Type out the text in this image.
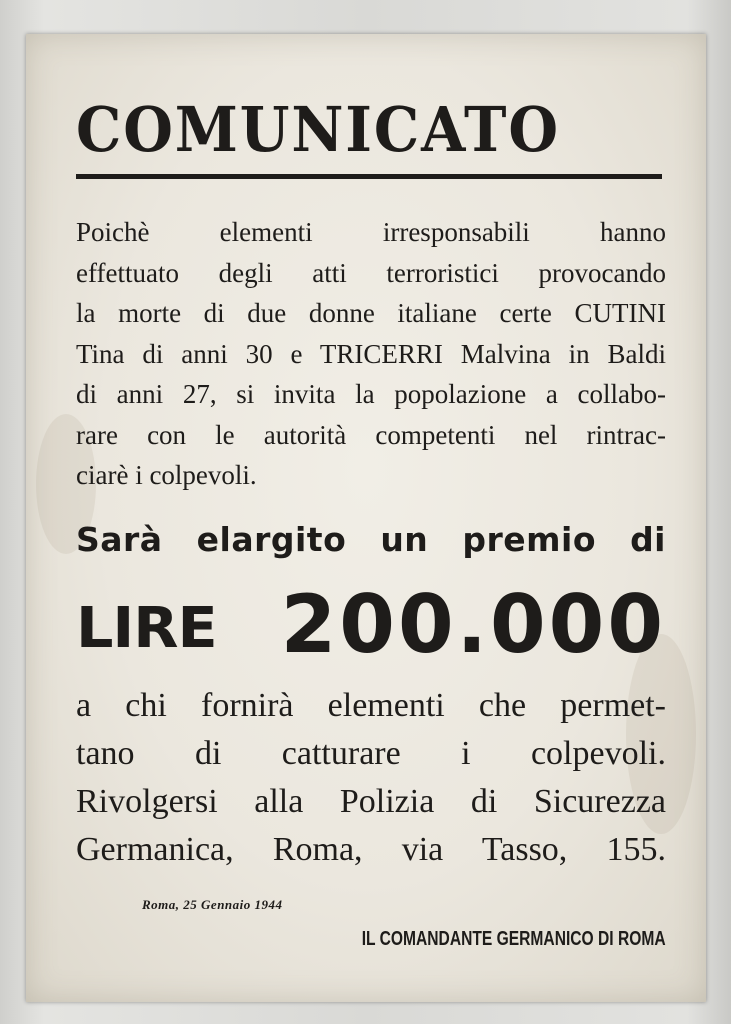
COMUNICATO
Poichè elementi irresponsabili hanno
effettuato degli atti terroristici provocando
la morte di due donne italiane certe CUTINI
Tina di anni 30 e TRICERRI Malvina in Baldi
di anni 27, si invita la popolazione a collabo-
rare con le autorità competenti nel rintrac-
ciarè i colpevoli.
Sarà elargito un premio di
LIRE 200.000
a chi fornirà elementi che permet-
tano di catturare i colpevoli.
Rivolgersi alla Polizia di Sicurezza
Germanica, Roma, via Tasso, 155.
Roma, 25 Gennaio 1944
IL COMANDANTE GERMANICO DI ROMA
